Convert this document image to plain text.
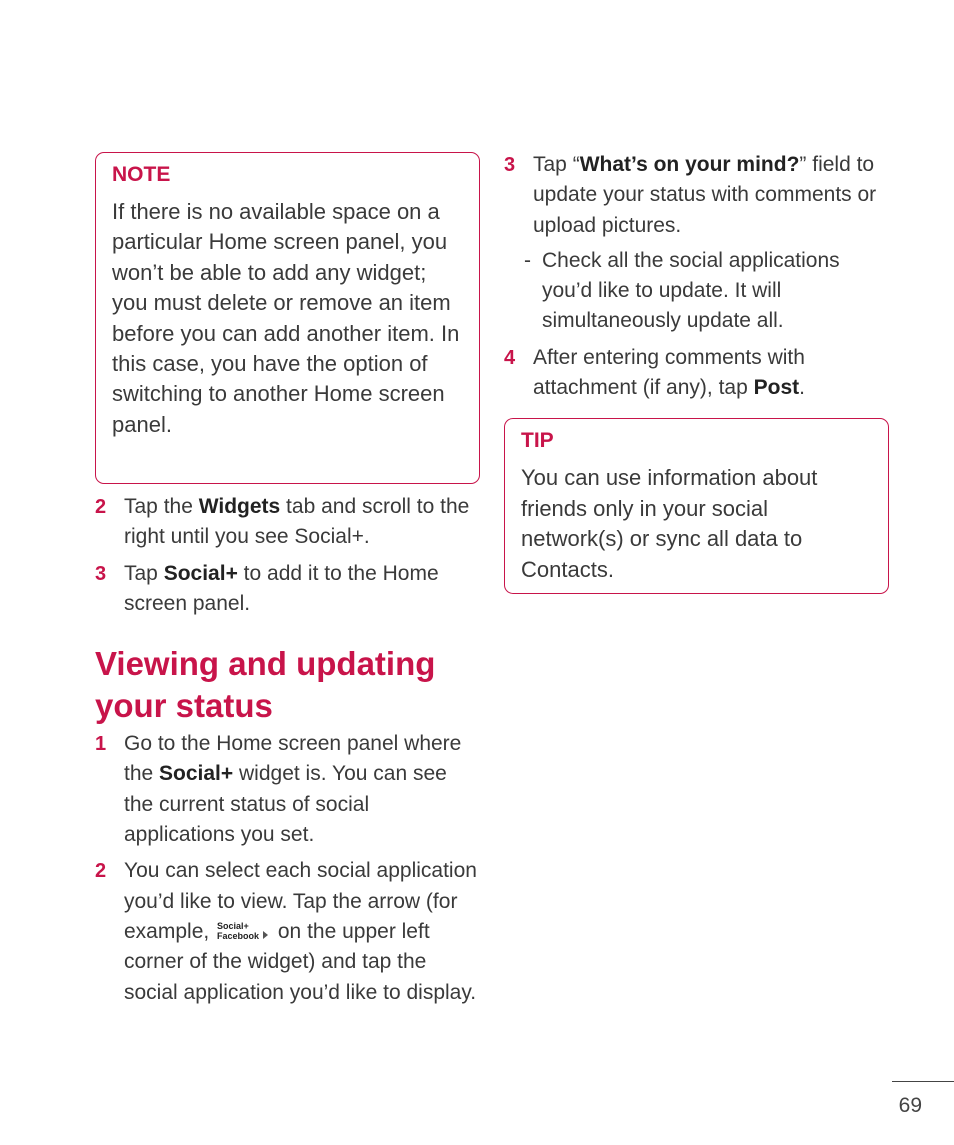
NOTE
If there is no available space on a particular Home screen panel, you won’t be able to add any widget; you must delete or remove an item before you can add another item. In this case, you have the option of switching to another Home screen panel.
2 Tap the Widgets tab and scroll to the right until you see Social+.
3 Tap Social+ to add it to the Home screen panel.
Viewing and updating your status
1 Go to the Home screen panel where the Social+ widget is. You can see the current status of social applications you set.
2 You can select each social application you’d like to view. Tap the arrow (for example, Social+
Facebook on the upper left corner of the widget) and tap the social application you’d like to display.
3 Tap “What’s on your mind?” field to update your status with comments or upload pictures.
- Check all the social applications you’d like to update. It will simultaneously update all.
4 After entering comments with attachment (if any), tap Post.
TIP
You can use information about friends only in your social network(s) or sync all data to Contacts.
69
